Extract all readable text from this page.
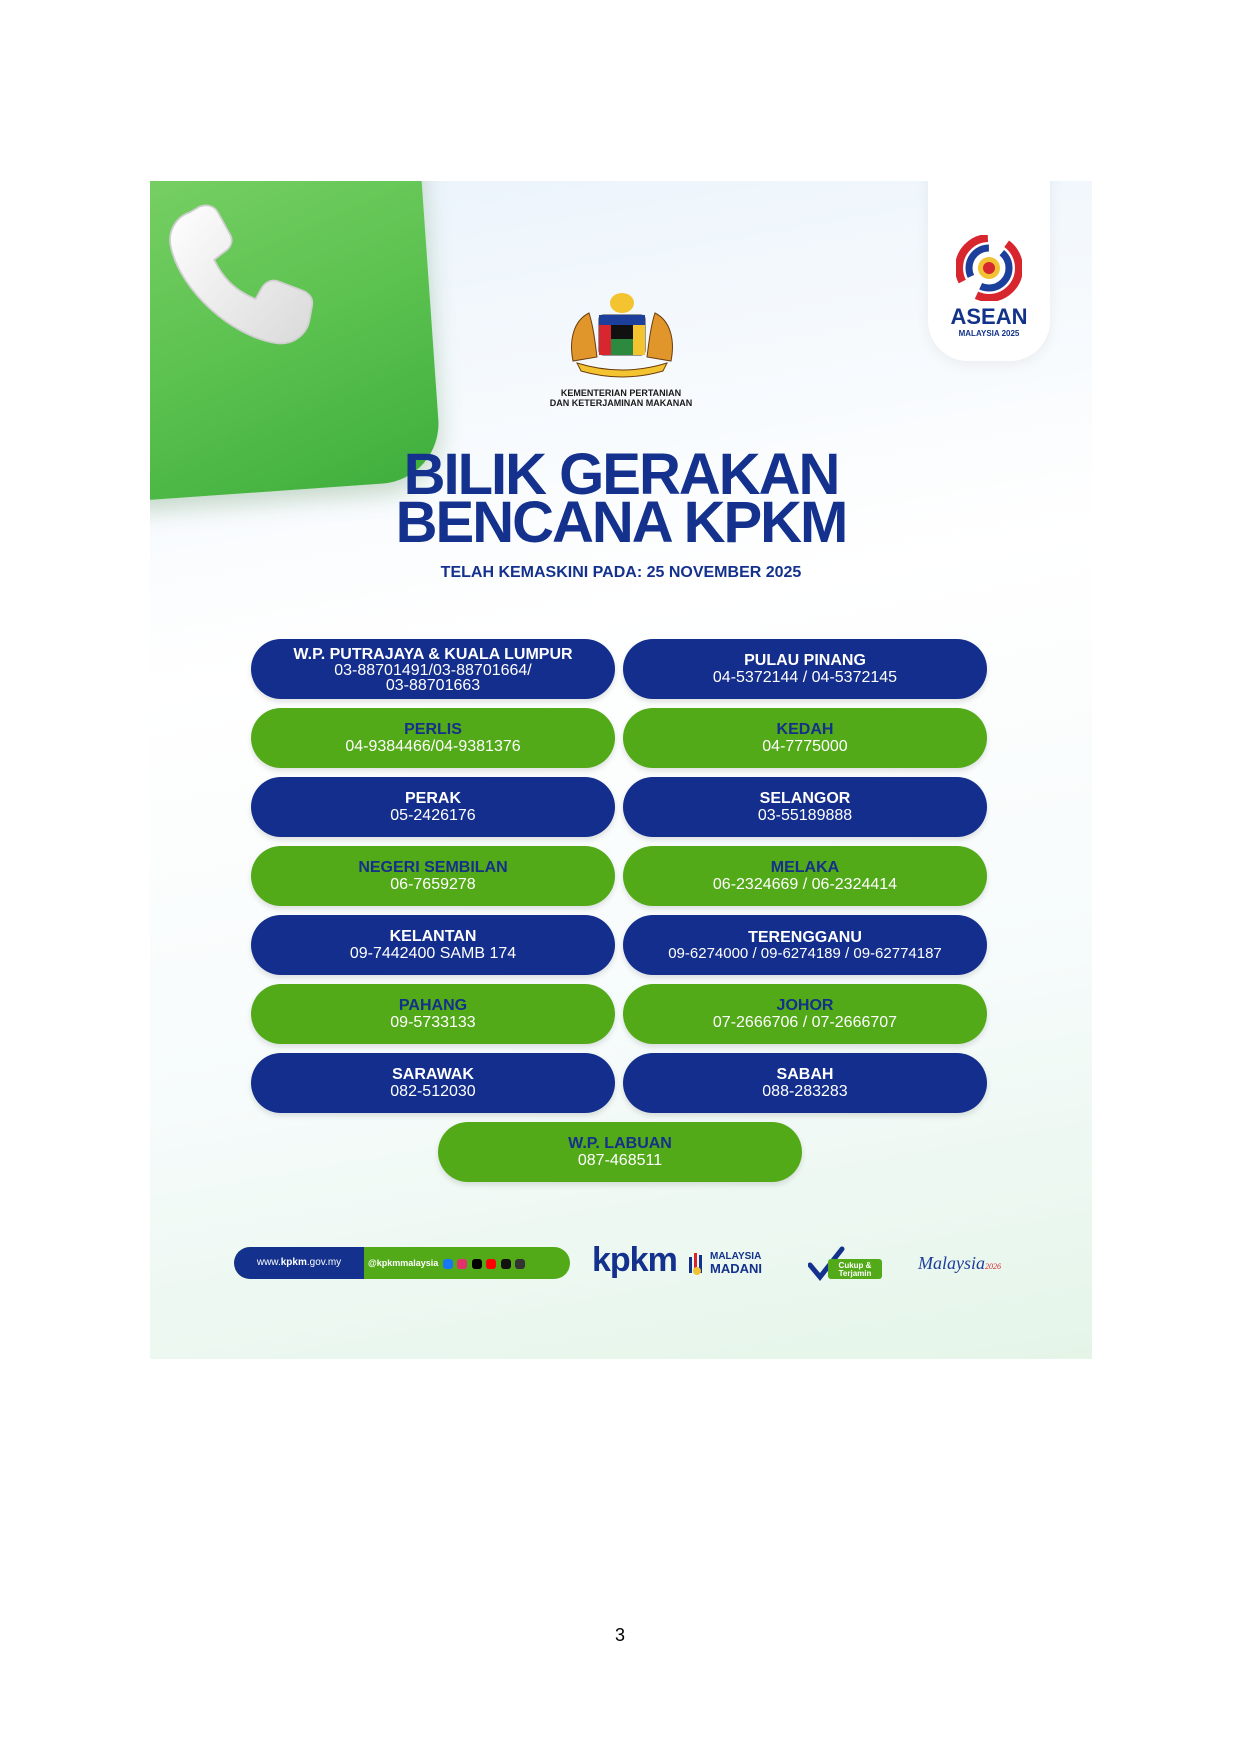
ASEAN
MALAYSIA 2025
KEMENTERIAN PERTANIAN
DAN KETERJAMINAN MAKANAN
BILIK GERAKAN
BENCANA KPKM
TELAH KEMASKINI PADA: 25 NOVEMBER 2025
W.P. PUTRAJAYA & KUALA LUMPUR
03-88701491/03-88701664/
03-88701663
PULAU PINANG
04-5372144 / 04-5372145
PERLIS
04-9384466/04-9381376
KEDAH
04-7775000
PERAK
05-2426176
SELANGOR
03-55189888
NEGERI SEMBILAN
06-7659278
MELAKA
06-2324669 / 06-2324414
KELANTAN
09-7442400 SAMB 174
TERENGGANU
09-6274000 / 09-6274189 / 09-62774187
PAHANG
09-5733133
JOHOR
07-2666706 / 07-2666707
SARAWAK
082-512030
SABAH
088-283283
W.P. LABUAN
087-468511
www.kpkm.gov.my	@kpkmmalaysia	kpkm	MALAYSIA
MADANI	Cukup &
Terjamin
Malaysia2026
3
